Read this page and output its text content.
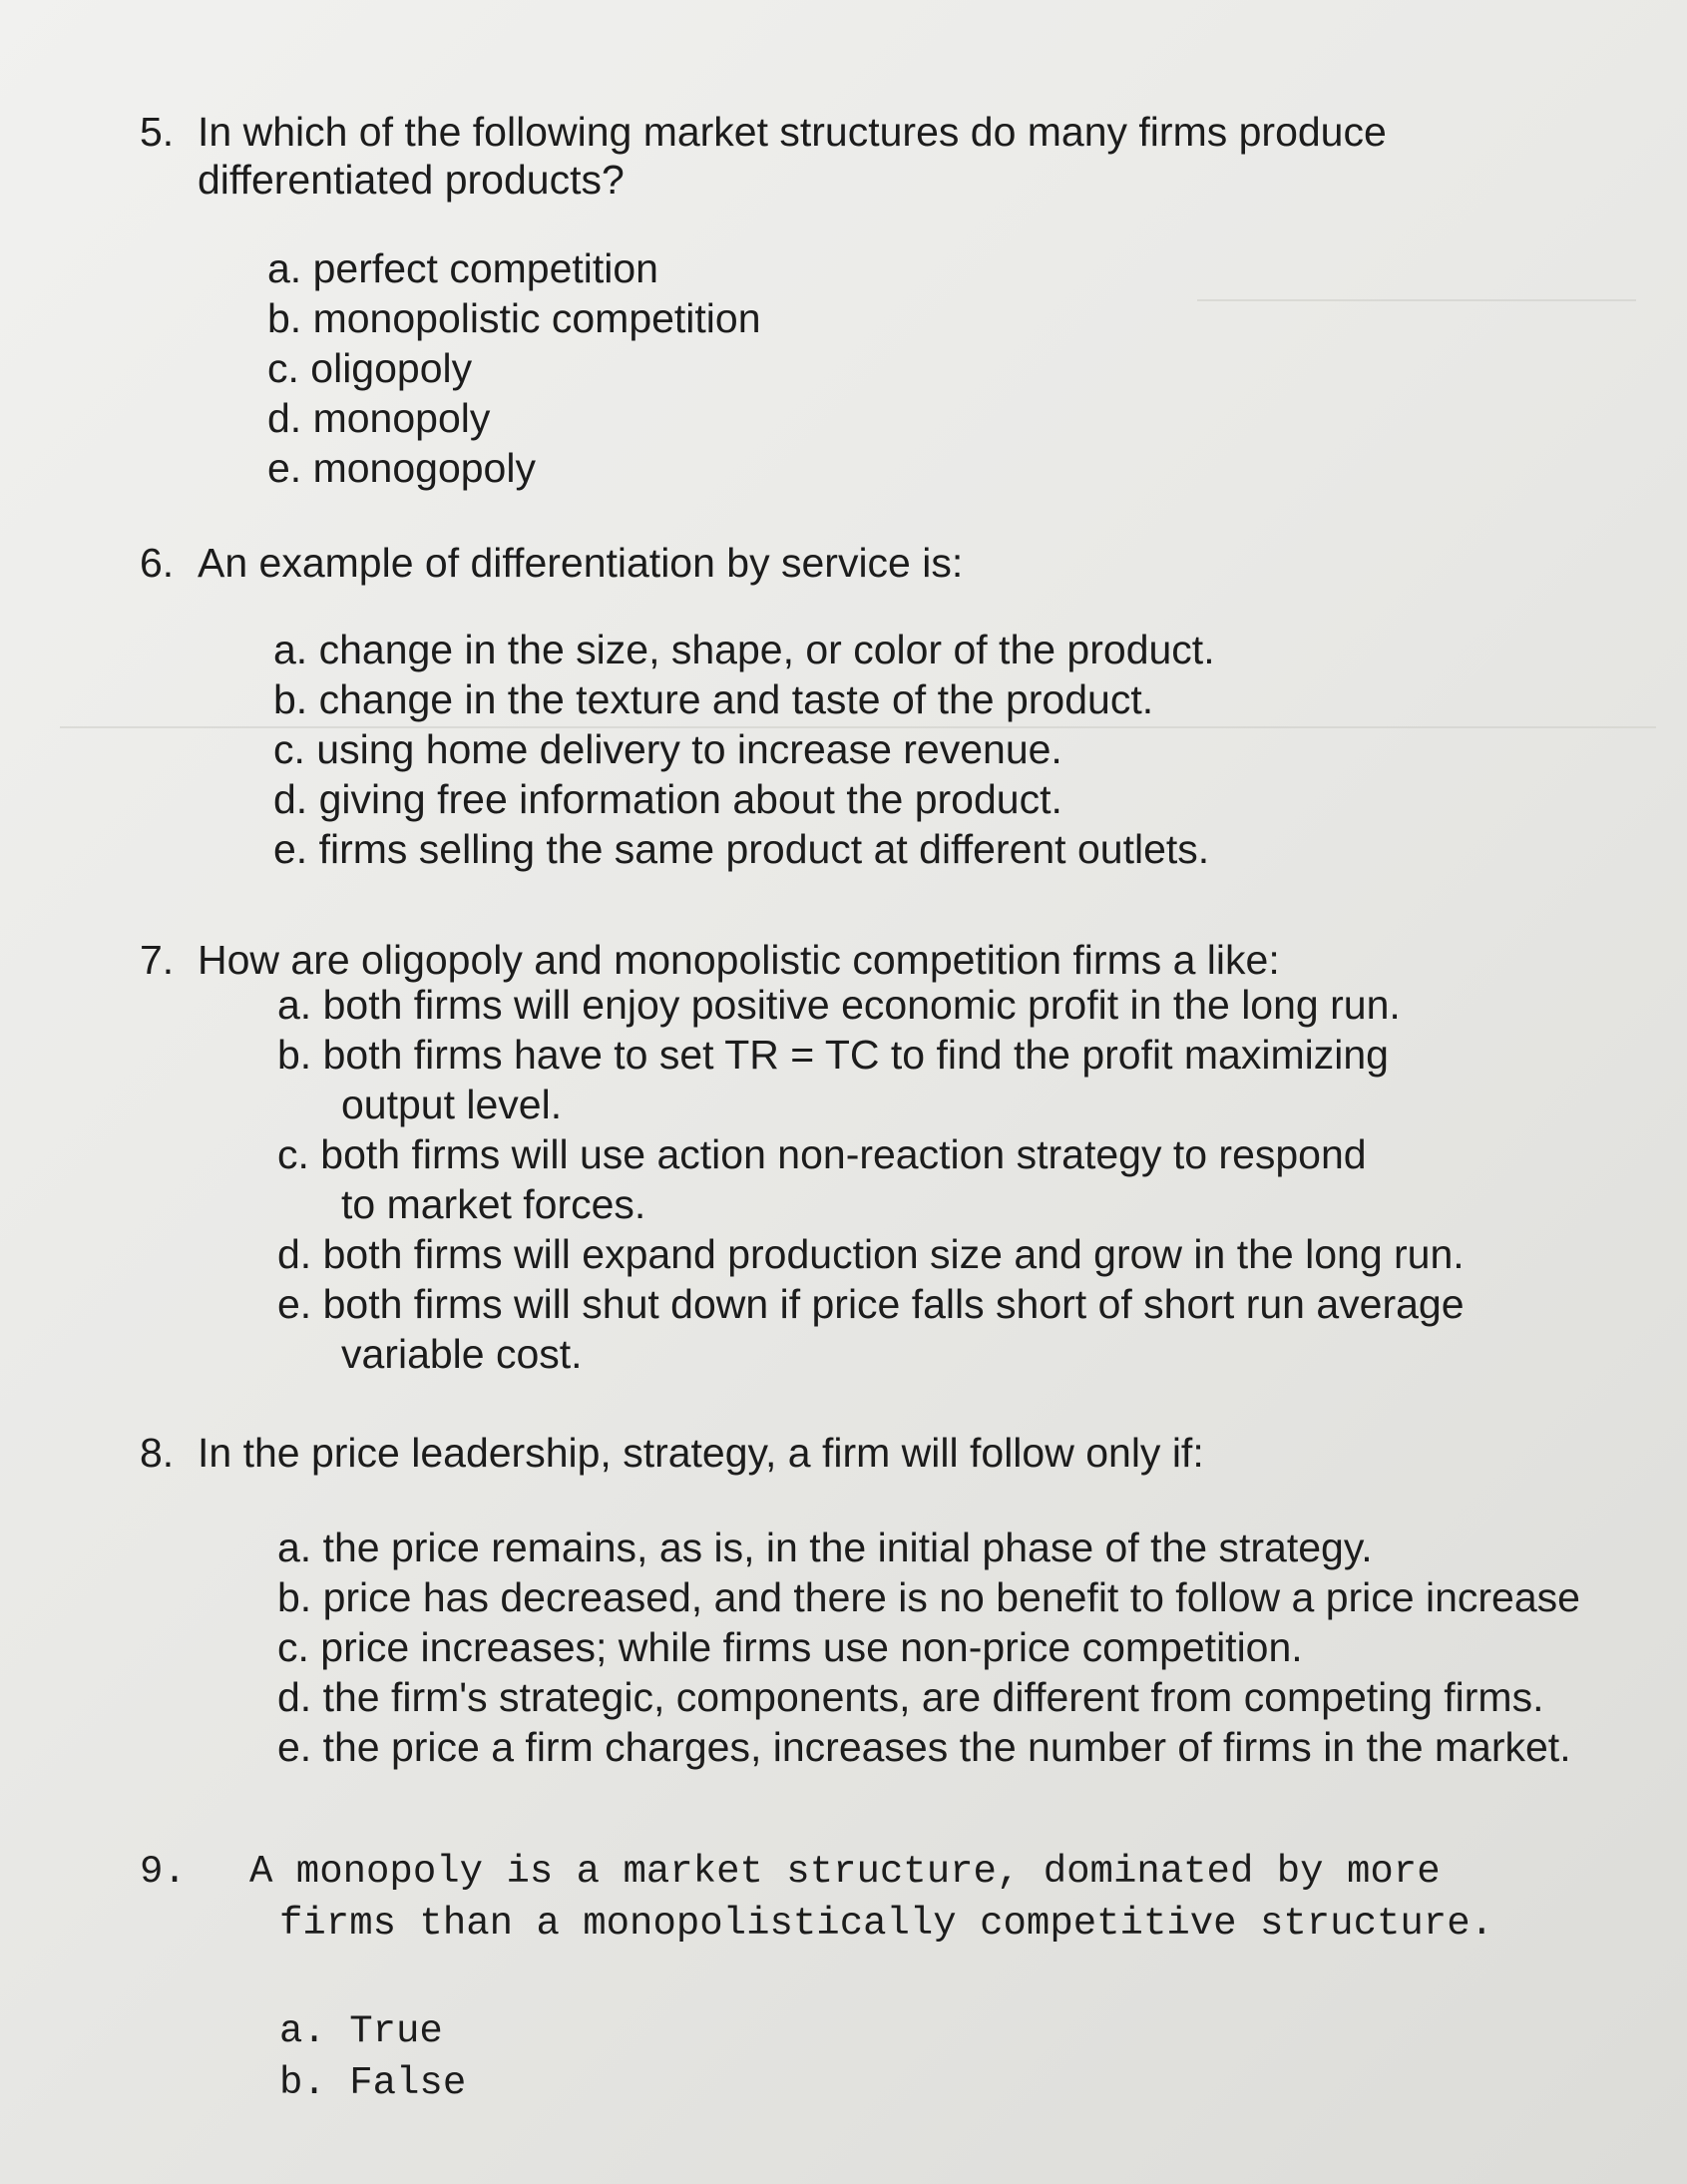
5. In which of the following market structures do many firms produce
differentiated products?
a. perfect competition
b. monopolistic competition
c. oligopoly
d. monopoly
e. monogopoly
6. An example of differentiation by service is:
a. change in the size, shape, or color of the product.
b. change in the texture and taste of the product.
c. using home delivery to increase revenue.
d. giving free information about the product.
e. firms selling the same product at different outlets.
7. How are oligopoly and monopolistic competition firms a like:
a. both firms will enjoy positive economic profit in the long run.
b. both firms have to set TR = TC to find the profit maximizing
output level.
c. both firms will use action non-reaction strategy to respond
to market forces.
d. both firms will expand production size and grow in the long run.
e. both firms will shut down if price falls short of short run average
variable cost.
8. In the price leadership, strategy, a firm will follow only if:
a. the price remains, as is, in the initial phase of the strategy.
b. price has decreased, and there is no benefit to follow a price increase
c. price increases; while firms use non-price competition.
d. the firm's strategic, components, are different from competing firms.
e. the price a firm charges, increases the number of firms in the market.
9. A monopoly is a market structure, dominated by more
firms than a monopolistically competitive structure.
a. True
b. False
